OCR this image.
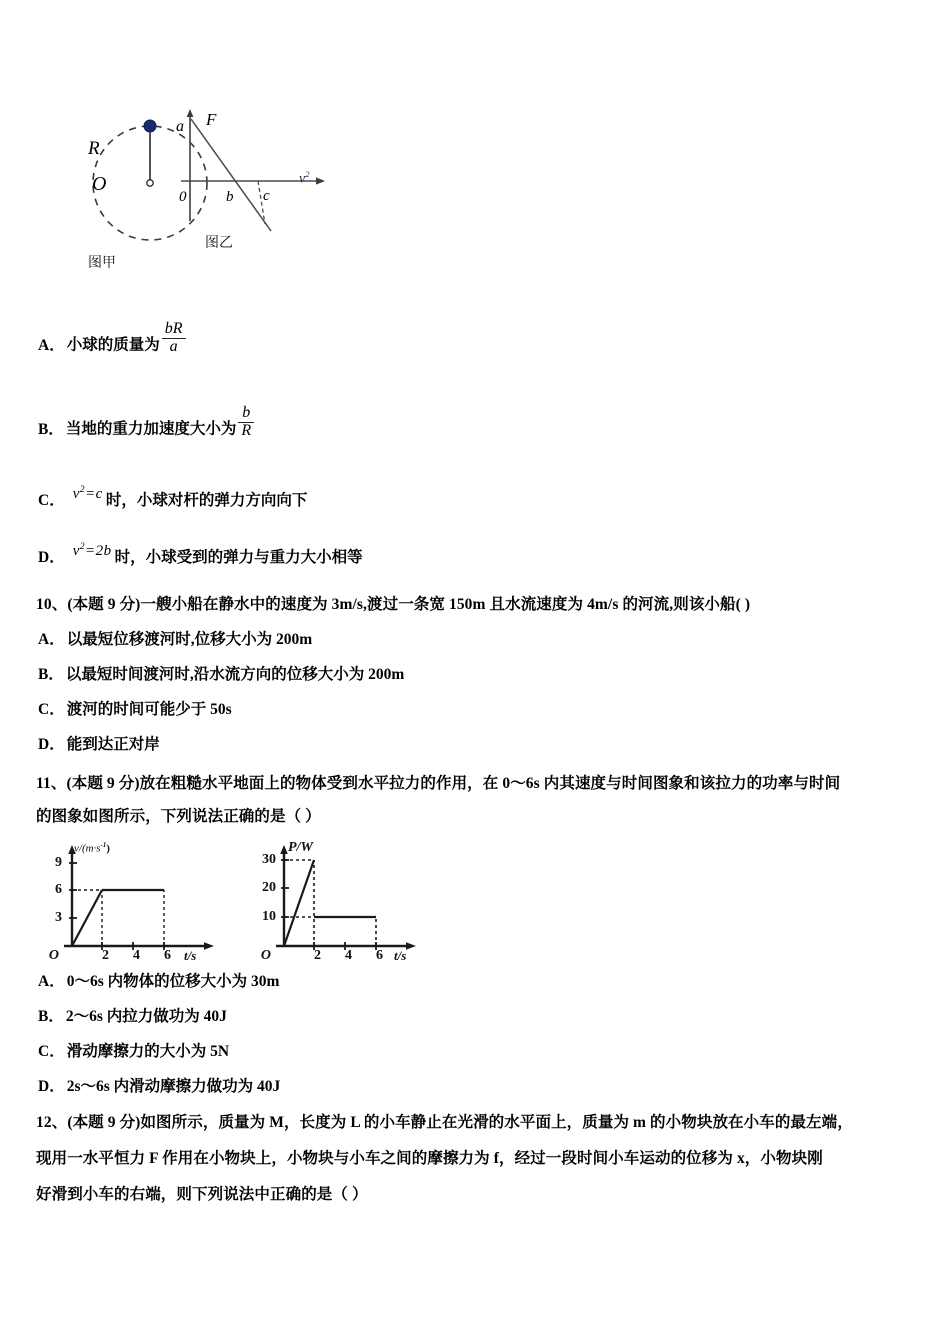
R
O
图甲
a F
0	b c
$v^2$
图乙
A． 小球的质量为 $\frac{bR}{a}$
B． 当地的重力加速度大小为 $\frac{b}{R}$
C． $v^2=c$ 时，小球对杆的弹力方向向下
D． $v^2=2b$ 时，小球受到的弹力与重力大小相等
10、(本题 9 分)一艘小船在静水中的速度为 3m/s,渡过一条宽 150m 且水流速度为 4m/s 的河流,则该小船( )
A． 以最短位移渡河时,位移大小为 200m
B． 以最短时间渡河时,沿水流方向的位移大小为 200m
C． 渡河的时间可能少于 50s
D． 能到达正对岸
11、(本题 9 分)放在粗糙水平地面上的物体受到水平拉力的作用，在 0～6s 内其速度与时间图象和该拉力的功率与时间
的图象如图所示，下列说法正确的是（ ）
$v/(m\cdot s^{-1})$
9
6
3
O	2	4	6 t/s
P/W
30
20
10
O	2	4	6 t/s
A． 0～6s 内物体的位移大小为 30m
B． 2～6s 内拉力做功为 40J
C． 滑动摩擦力的大小为 5N
D． 2s～6s 内滑动摩擦力做功为 40J
12、(本题 9 分)如图所示，质量为 M，长度为 L 的小车静止在光滑的水平面上，质量为 m 的小物块放在小车的最左端，
现用一水平恒力 F 作用在小物块上，小物块与小车之间的摩擦力为 f，经过一段时间小车运动的位移为 x，小物块刚
好滑到小车的右端，则下列说法中正确的是（ ）
